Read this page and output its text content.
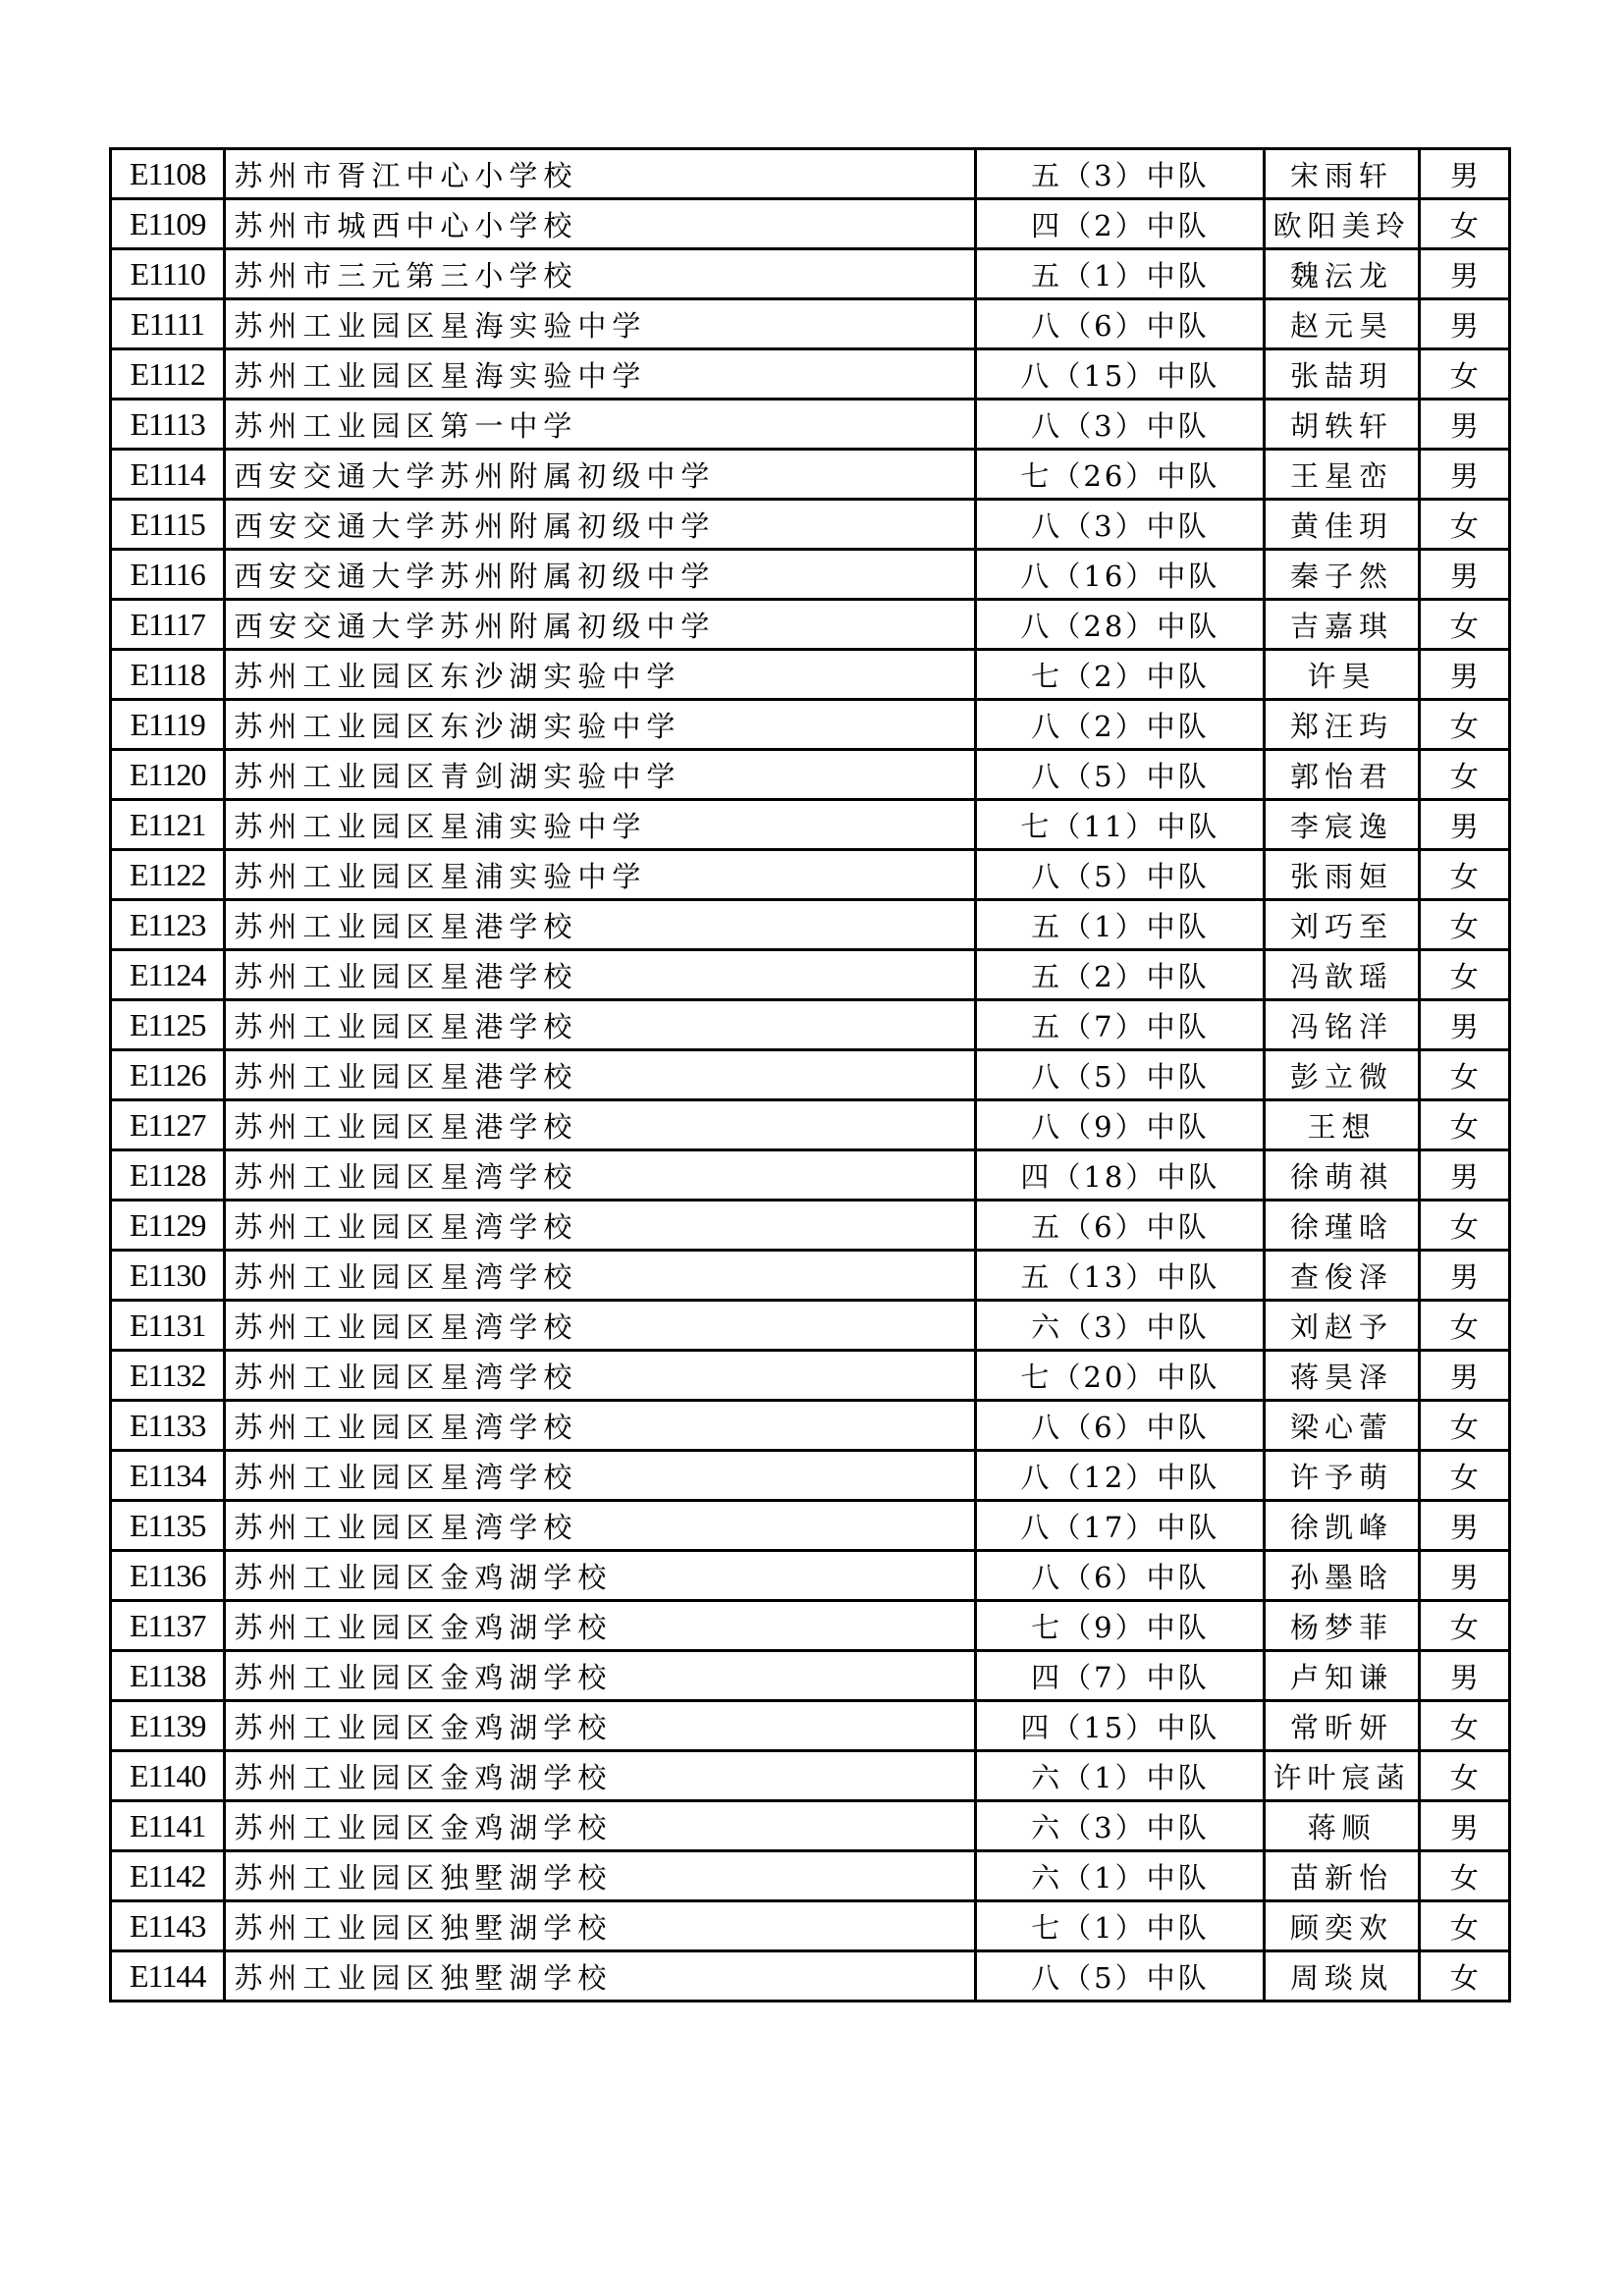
E1108	苏州市胥江中心小学校	五（3）中队	宋雨轩	男
E1109	苏州市城西中心小学校	四（2）中队	欧阳美玲	女
E1110	苏州市三元第三小学校	五（1）中队	魏沄龙	男
E1111	苏州工业园区星海实验中学	八（6）中队	赵元昊	男
E1112	苏州工业园区星海实验中学	八（15）中队	张喆玥	女
E1113	苏州工业园区第一中学	八（3）中队	胡轶轩	男
E1114	西安交通大学苏州附属初级中学	七（26）中队	王星峦	男
E1115	西安交通大学苏州附属初级中学	八（3）中队	黄佳玥	女
E1116	西安交通大学苏州附属初级中学	八（16）中队	秦子然	男
E1117	西安交通大学苏州附属初级中学	八（28）中队	吉嘉琪	女
E1118	苏州工业园区东沙湖实验中学	七（2）中队	许昊	男
E1119	苏州工业园区东沙湖实验中学	八（2）中队	郑汪玙	女
E1120	苏州工业园区青剑湖实验中学	八（5）中队	郭怡君	女
E1121	苏州工业园区星浦实验中学	七（11）中队	李宸逸	男
E1122	苏州工业园区星浦实验中学	八（5）中队	张雨姮	女
E1123	苏州工业园区星港学校	五（1）中队	刘巧至	女
E1124	苏州工业园区星港学校	五（2）中队	冯歆瑶	女
E1125	苏州工业园区星港学校	五（7）中队	冯铭洋	男
E1126	苏州工业园区星港学校	八（5）中队	彭立微	女
E1127	苏州工业园区星港学校	八（9）中队	王想	女
E1128	苏州工业园区星湾学校	四（18）中队	徐萌祺	男
E1129	苏州工业园区星湾学校	五（6）中队	徐瑾晗	女
E1130	苏州工业园区星湾学校	五（13）中队	查俊泽	男
E1131	苏州工业园区星湾学校	六（3）中队	刘赵予	女
E1132	苏州工业园区星湾学校	七（20）中队	蒋昊泽	男
E1133	苏州工业园区星湾学校	八（6）中队	梁心蕾	女
E1134	苏州工业园区星湾学校	八（12）中队	许予萌	女
E1135	苏州工业园区星湾学校	八（17）中队	徐凯峰	男
E1136	苏州工业园区金鸡湖学校	八（6）中队	孙墨晗	男
E1137	苏州工业园区金鸡湖学校	七（9）中队	杨梦菲	女
E1138	苏州工业园区金鸡湖学校	四（7）中队	卢知谦	男
E1139	苏州工业园区金鸡湖学校	四（15）中队	常昕妍	女
E1140	苏州工业园区金鸡湖学校	六（1）中队	许叶宸菡	女
E1141	苏州工业园区金鸡湖学校	六（3）中队	蒋顺	男
E1142	苏州工业园区独墅湖学校	六（1）中队	苗新怡	女
E1143	苏州工业园区独墅湖学校	七（1）中队	顾奕欢	女
E1144	苏州工业园区独墅湖学校	八（5）中队	周琰岚	女
